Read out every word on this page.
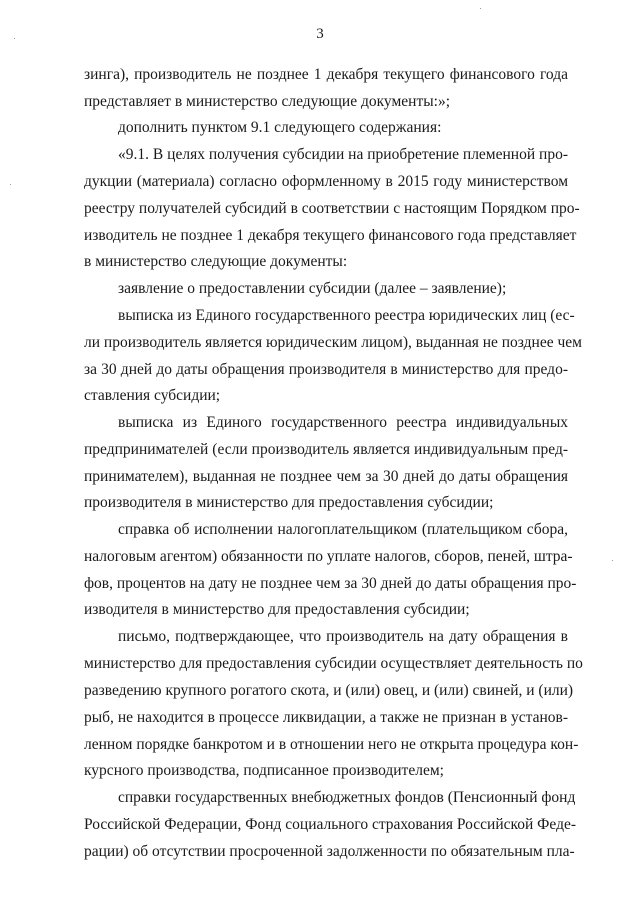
3
зинга), производитель не позднее 1 декабря текущего финансового года
представляет в министерство следующие документы:»;
дополнить пунктом 9.1 следующего содержания:
«9.1. В целях получения субсидии на приобретение племенной про-
дукции (материала) согласно оформленному в 2015 году министерством
реестру получателей субсидий в соответствии с настоящим Порядком про-
изводитель не позднее 1 декабря текущего финансового года представляет
в министерство следующие документы:
заявление о предоставлении субсидии (далее – заявление);
выписка из Единого государственного реестра юридических лиц (ес-
ли производитель является юридическим лицом), выданная не позднее чем
за 30 дней до даты обращения производителя в министерство для предо-
ставления субсидии;
выписка из Единого государственного реестра индивидуальных
предпринимателей (если производитель является индивидуальным пред-
принимателем), выданная не позднее чем за 30 дней до даты обращения
производителя в министерство для предоставления субсидии;
справка об исполнении налогоплательщиком (плательщиком сбора,
налоговым агентом) обязанности по уплате налогов, сборов, пеней, штра-
фов, процентов на дату не позднее чем за 30 дней до даты обращения про-
изводителя в министерство для предоставления субсидии;
письмо, подтверждающее, что производитель на дату обращения в
министерство для предоставления субсидии осуществляет деятельность по
разведению крупного рогатого скота, и (или) овец, и (или) свиней, и (или)
рыб, не находится в процессе ликвидации, а также не признан в установ-
ленном порядке банкротом и в отношении него не открыта процедура кон-
курсного производства, подписанное производителем;
справки государственных внебюджетных фондов (Пенсионный фонд
Российской Федерации, Фонд социального страхования Российской Феде-
рации) об отсутствии просроченной задолженности по обязательным пла-
